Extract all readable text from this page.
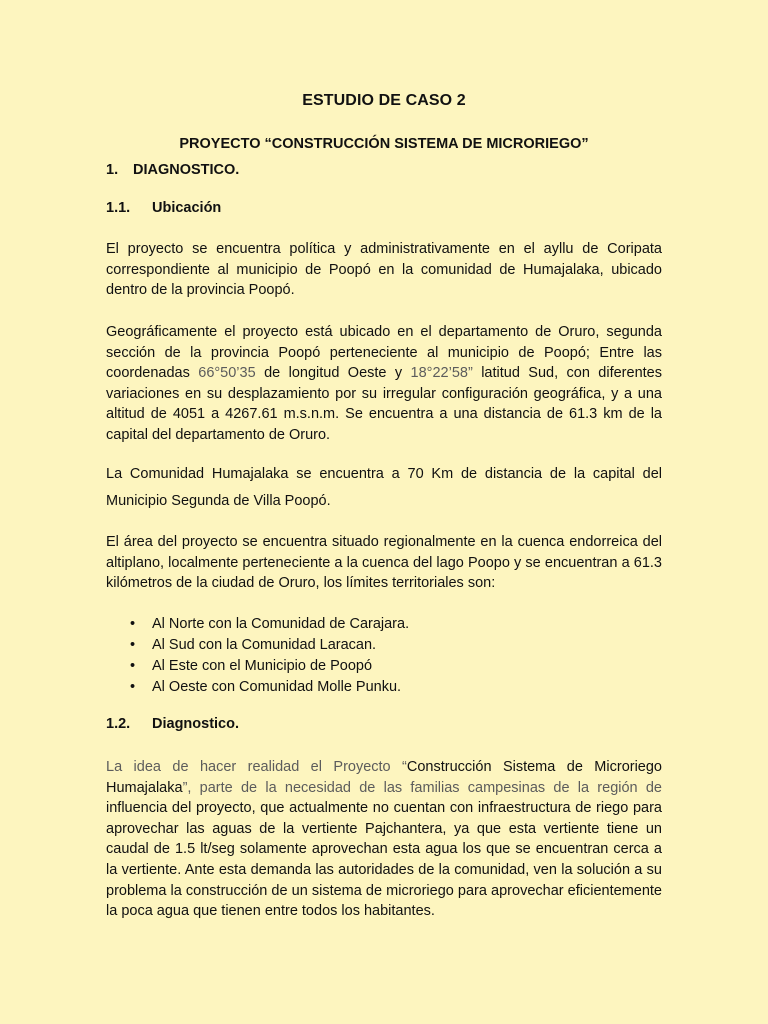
ESTUDIO DE CASO 2
PROYECTO “CONSTRUCCIÓN SISTEMA DE MICRORIEGO”
1. DIAGNOSTICO.
1.1. Ubicación
El proyecto se encuentra política y administrativamente en el ayllu de Coripata correspondiente al municipio de Poopó en la comunidad de Humajalaka, ubicado dentro de la provincia Poopó.
Geográficamente el proyecto está ubicado en el departamento de Oruro, segunda sección de la provincia Poopó perteneciente al municipio de Poopó; Entre las coordenadas 66°50’35 de longitud Oeste y 18°22’58” latitud Sud, con diferentes variaciones en su desplazamiento por su irregular configuración geográfica, y a una altitud de 4051 a 4267.61 m.s.n.m. Se encuentra a una distancia de 61.3 km de la capital del departamento de Oruro.
La Comunidad Humajalaka se encuentra a 70 Km de distancia de la capital del Municipio Segunda de Villa Poopó.
El área del proyecto se encuentra situado regionalmente en la cuenca endorreica del altiplano, localmente perteneciente a la cuenca del lago Poopo y se encuentran a 61.3 kilómetros de la ciudad de Oruro, los límites territoriales son:
• Al Norte con la Comunidad de Carajara.
• Al Sud con la Comunidad Laracan.
• Al Este con el Municipio de Poopó
• Al Oeste con Comunidad Molle Punku.
1.2. Diagnostico.
La idea de hacer realidad el Proyecto “Construcción Sistema de Microriego Humajalaka”, parte de la necesidad de las familias campesinas de la región de influencia del proyecto, que actualmente no cuentan con infraestructura de riego para aprovechar las aguas de la vertiente Pajchantera, ya que esta vertiente tiene un caudal de 1.5 lt/seg solamente aprovechan esta agua los que se encuentran cerca a la vertiente. Ante esta demanda las autoridades de la comunidad, ven la solución a su problema la construcción de un sistema de microriego para aprovechar eficientemente la poca agua que tienen entre todos los habitantes.
